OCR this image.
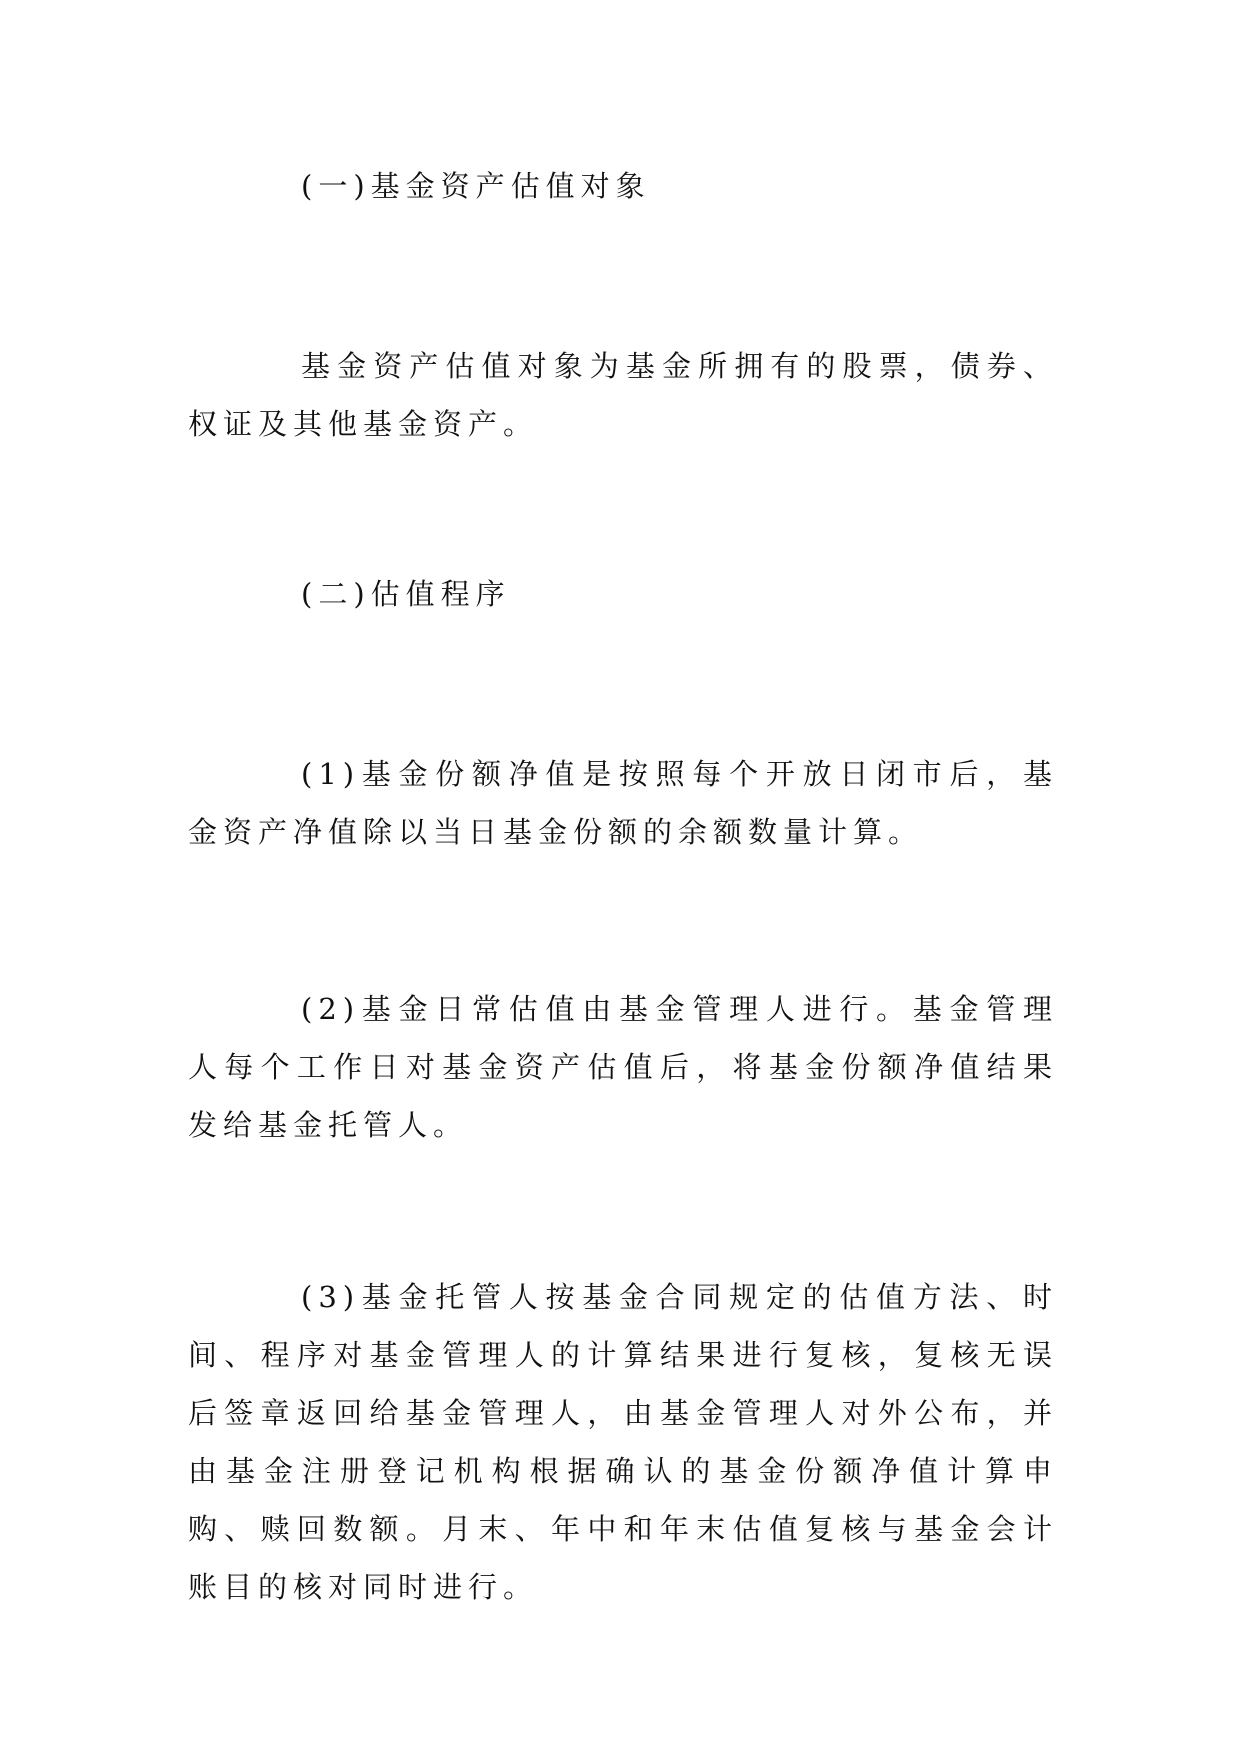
(一)基金资产估值对象

基金资产估值对象为基金所拥有的股票，债券、权证及其他基金资产。

(二)估值程序

(1)基金份额净值是按照每个开放日闭市后，基金资产净值除以当日基金份额的余额数量计算。

(2)基金日常估值由基金管理人进行。基金管理人每个工作日对基金资产估值后，将基金份额净值结果发给基金托管人。

(3)基金托管人按基金合同规定的估值方法、时间、程序对基金管理人的计算结果进行复核，复核无误后签章返回给基金管理人，由基金管理人对外公布，并由基金注册登记机构根据确认的基金份额净值计算申购、赎回数额。月末、年中和年末估值复核与基金会计账目的核对同时进行。
